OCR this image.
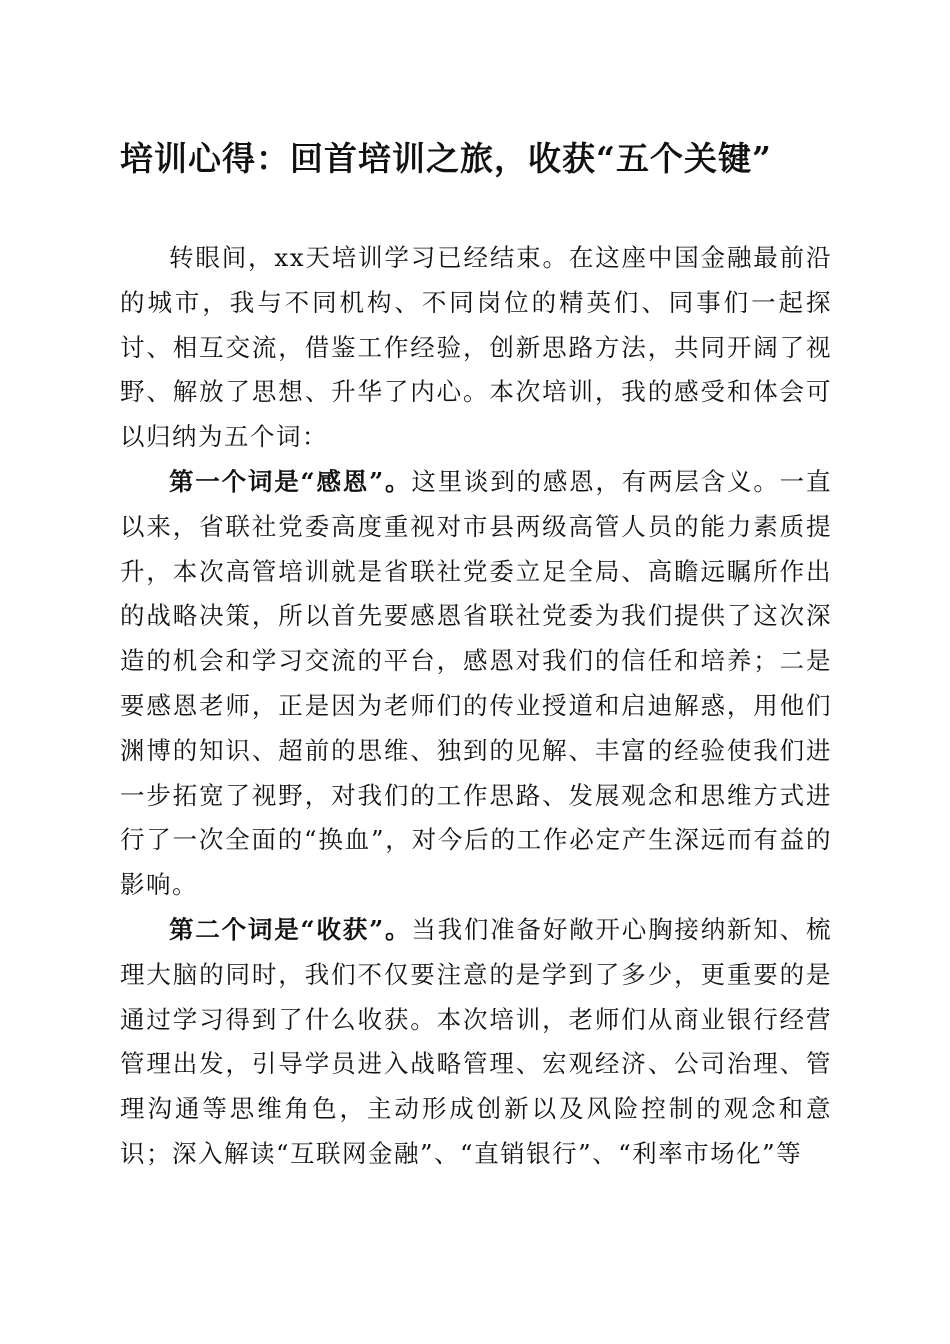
培训心得：回首培训之旅，收获“五个关键”

转眼间，xx天培训学习已经结束。在这座中国金融最前沿的城市，我与不同机构、不同岗位的精英们、同事们一起探讨、相互交流，借鉴工作经验，创新思路方法，共同开阔了视野、解放了思想、升华了内心。本次培训，我的感受和体会可以归纳为五个词：

第一个词是“感恩”。这里谈到的感恩，有两层含义。一直以来，省联社党委高度重视对市县两级高管人员的能力素质提升，本次高管培训就是省联社党委立足全局、高瞻远瞩所作出的战略决策，所以首先要感恩省联社党委为我们提供了这次深造的机会和学习交流的平台，感恩对我们的信任和培养；二是要感恩老师，正是因为老师们的传业授道和启迪解惑，用他们渊博的知识、超前的思维、独到的见解、丰富的经验使我们进一步拓宽了视野，对我们的工作思路、发展观念和思维方式进行了一次全面的“换血”，对今后的工作必定产生深远而有益的影响。

第二个词是“收获”。当我们准备好敞开心胸接纳新知、梳理大脑的同时，我们不仅要注意的是学到了多少，更重要的是通过学习得到了什么收获。本次培训，老师们从商业银行经营管理出发，引导学员进入战略管理、宏观经济、公司治理、管理沟通等思维角色，主动形成创新以及风险控制的观念和意识；深入解读“互联网金融”、“直销银行”、“利率市场化”等
